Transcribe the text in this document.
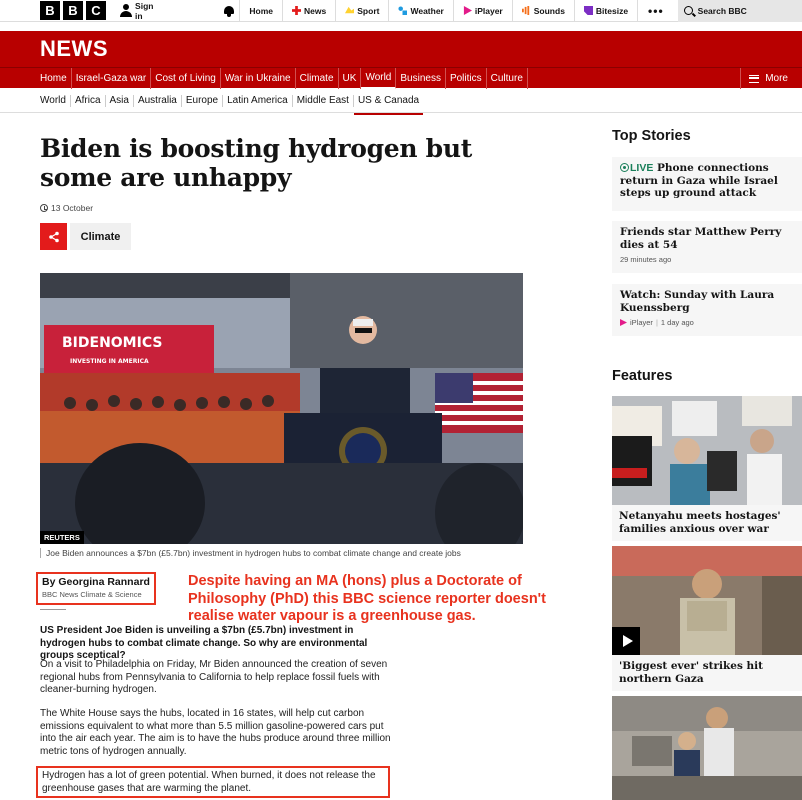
B	B	C	Sign in	Home	News	Sport	Weather	iPlayer	Sounds	Bitesize	•••	Search BBC
NEWS
Home Israel-Gaza war Cost of Living War in Ukraine Climate UK World Business Politics Culture	More
World Africa Asia Australia Europe Latin America Middle East US & Canada
Biden is boosting hydrogen but some are unhappy
13 October
Climate
BIDENOMICS
INVESTING IN AMERICA
REUTERS
Joe Biden announces a $7bn (£5.7bn) investment in hydrogen hubs to combat climate change and create jobs
By Georgina Rannard
BBC News Climate & Science
Despite having an MA (hons) plus a Doctorate of Philosophy (PhD) this BBC science reporter doesn't realise water vapour is a greenhouse gas.

US President Joe Biden is unveiling a $7bn (£5.7bn) investment in hydrogen hubs to combat climate change. So why are environmental groups sceptical?

On a visit to Philadelphia on Friday, Mr Biden announced the creation of seven regional hubs from Pennsylvania to California to help replace fossil fuels with cleaner-burning hydrogen.

The White House says the hubs, located in 16 states, will help cut carbon emissions equivalent to what more than 5.5 million gasoline-powered cars put into the air each year. The aim is to have the hubs produce around three million metric tons of hydrogen annually.

Hydrogen has a lot of green potential. When burned, it does not release the greenhouse gases that are warming the planet.
Top Stories
LIVE Phone connections return in Gaza while Israel steps up ground attack
Friends star Matthew Perry dies at 54
29 minutes ago
Watch: Sunday with Laura Kuenssberg
iPlayer | 1 day ago
Features
Netanyahu meets hostages' families anxious over war
'Biggest ever' strikes hit northern Gaza
